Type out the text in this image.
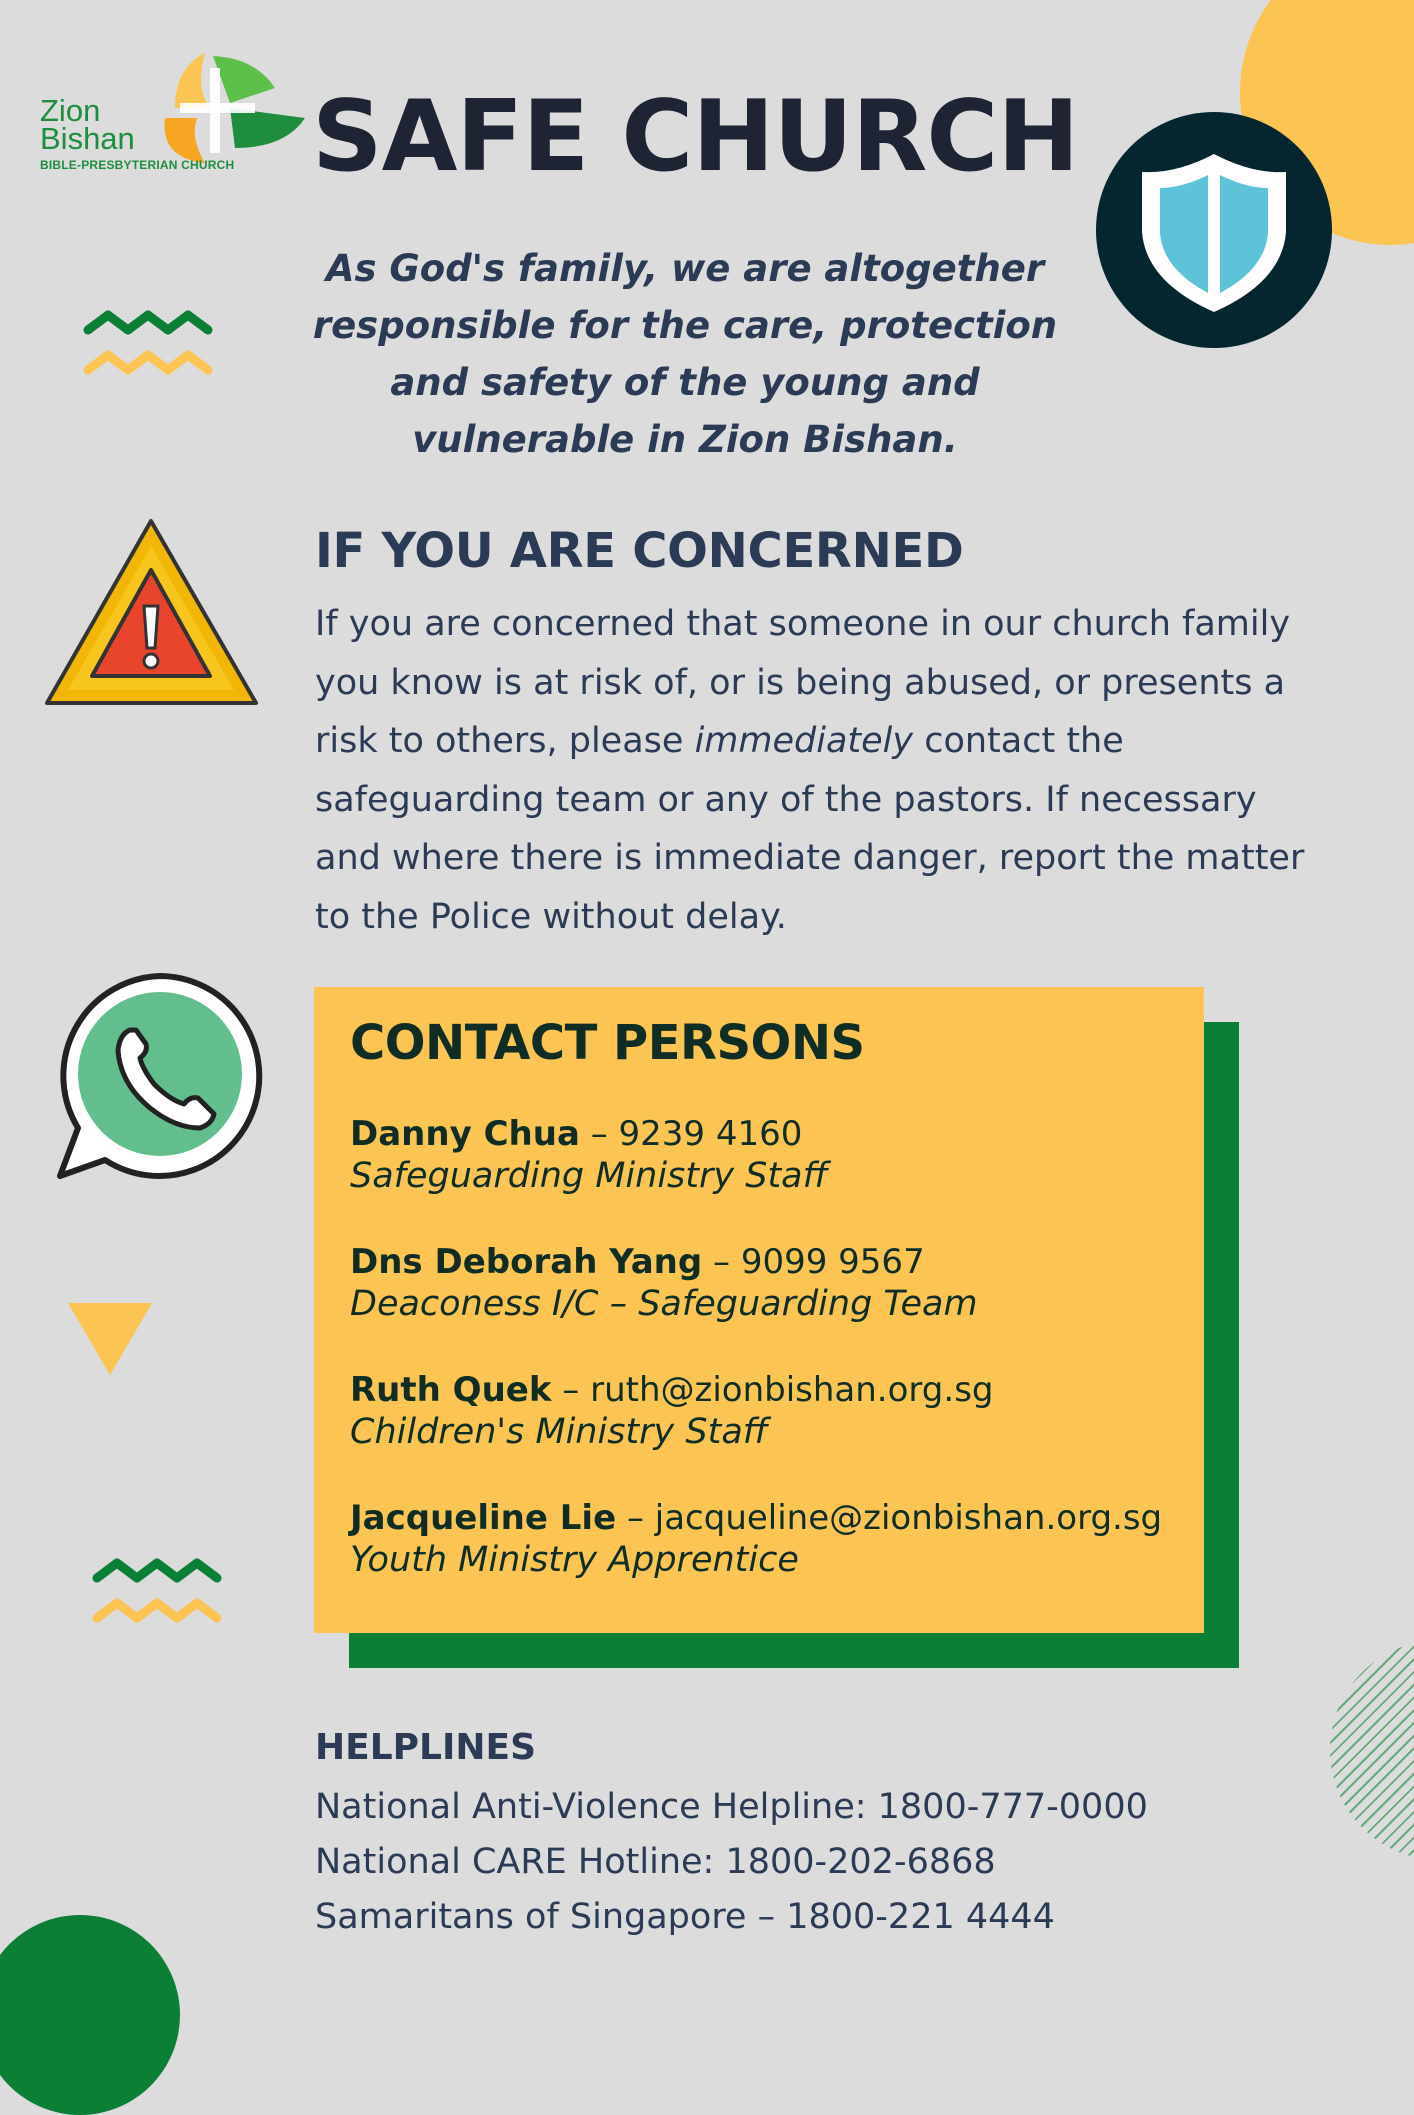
Zion
Bishan
BIBLE-PRESBYTERIAN CHURCH SAFE CHURCH
As God's family, we are altogether responsible for the care, protection and safety of the young and vulnerable in Zion Bishan.
IF YOU ARE CONCERNED
If you are concerned that someone in our church family you know is at risk of, or is being abused, or presents a risk to others, please immediately contact the safeguarding team or any of the pastors. If necessary and where there is immediate danger, report the matter to the Police without delay.
CONTACT PERSONS
Danny Chua – 9239 4160
Safeguarding Ministry Staff
Dns Deborah Yang – 9099 9567
Deaconess I/C – Safeguarding Team
Ruth Quek – ruth@zionbishan.org.sg
Children's Ministry Staff
Jacqueline Lie – jacqueline@zionbishan.org.sg
Youth Ministry Apprentice
HELPLINES
National Anti-Violence Helpline: 1800-777-0000
National CARE Hotline: 1800-202-6868
Samaritans of Singapore – 1800-221 4444
